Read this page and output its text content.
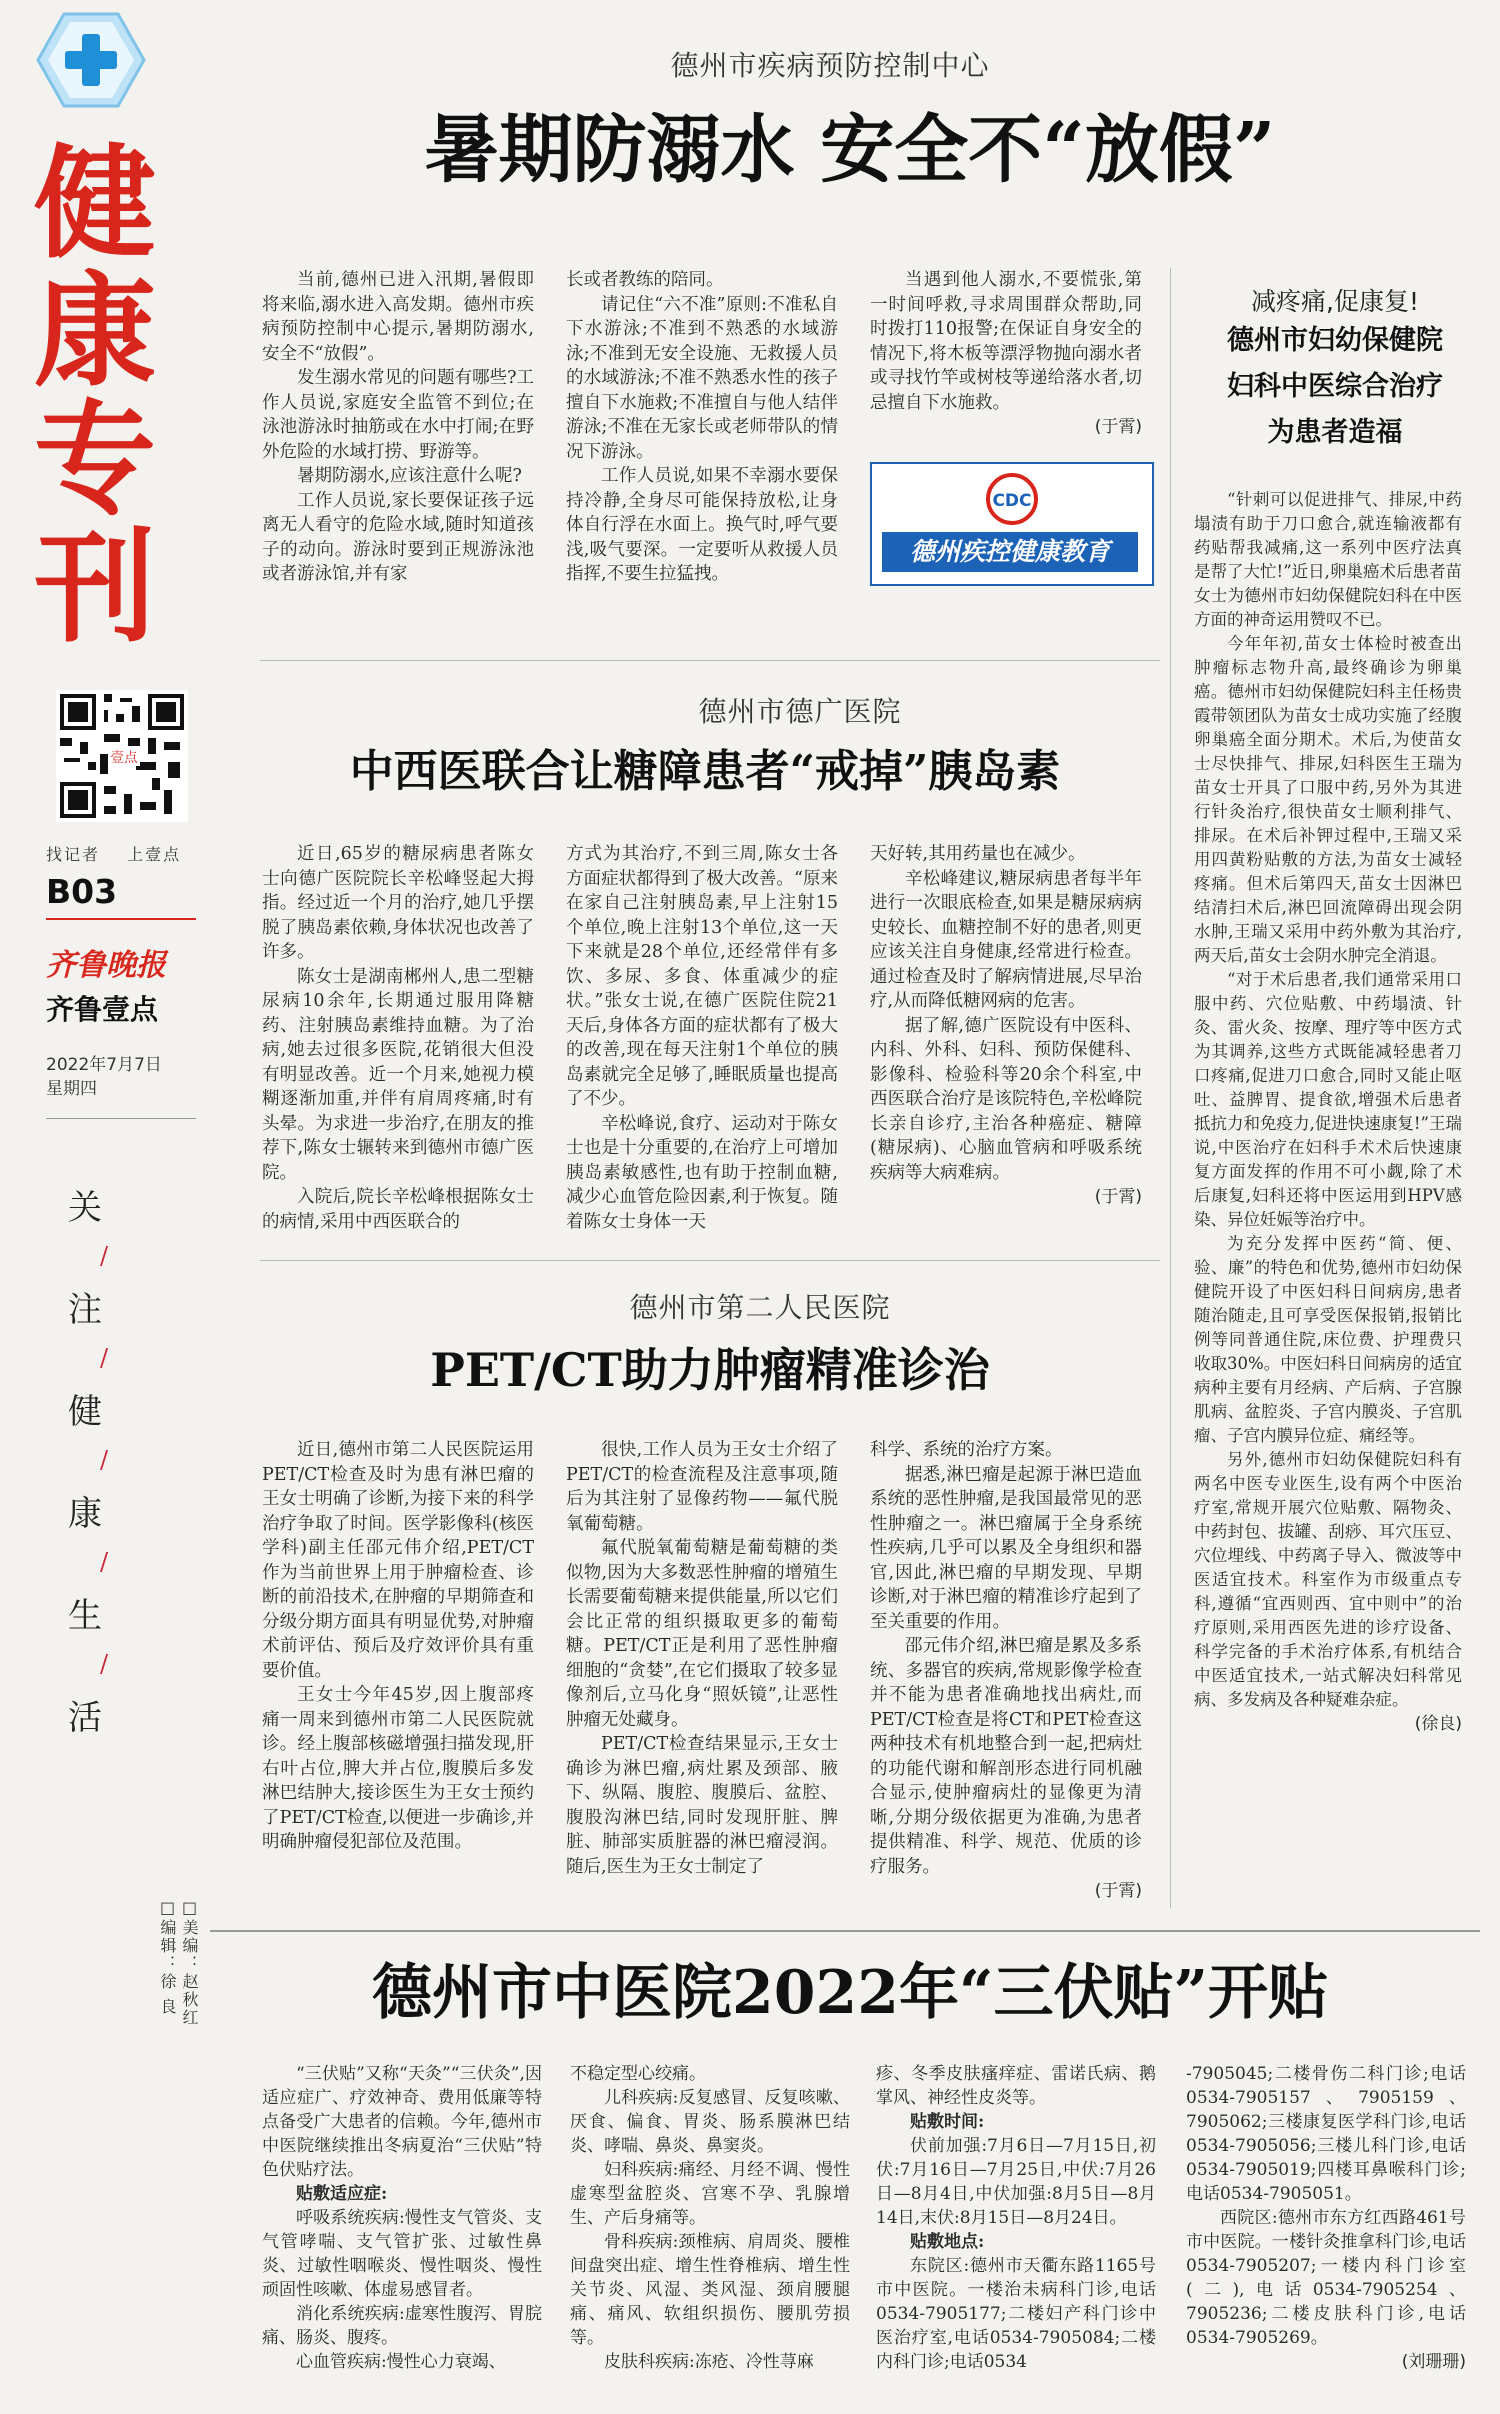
健
康
专
刊
壹点
找记者 上壹点
B03
齐鲁晚报
齐鲁壹点
2022年7月7日
星期四
关
/
注
/
健
/
康
/
生
/
活
□美编：赵秋红
□编辑：徐 良
德州市疾病预防控制中心
暑期防溺水 安全不“放假”

当前,德州已进入汛期,暑假即将来临,溺水进入高发期。德州市疾病预防控制中心提示,暑期防溺水,安全不“放假”。

发生溺水常见的问题有哪些?工作人员说,家庭安全监管不到位;在泳池游泳时抽筋或在水中打闹;在野外危险的水域打捞、野游等。

暑期防溺水,应该注意什么呢?

工作人员说,家长要保证孩子远离无人看守的危险水域,随时知道孩子的动向。游泳时要到正规游泳池或者游泳馆,并有家

长或者教练的陪同。

请记住“六不准”原则:不准私自下水游泳;不准到不熟悉的水域游泳;不准到无安全设施、无救援人员的水域游泳;不准不熟悉水性的孩子擅自下水施救;不准擅自与他人结伴游泳;不准在无家长或老师带队的情况下游泳。

工作人员说,如果不幸溺水要保持冷静,全身尽可能保持放松,让身体自行浮在水面上。换气时,呼气要浅,吸气要深。一定要听从救援人员指挥,不要生拉猛拽。

当遇到他人溺水,不要慌张,第一时间呼救,寻求周围群众帮助,同时拨打110报警;在保证自身安全的情况下,将木板等漂浮物抛向溺水者或寻找竹竿或树枝等递给落水者,切忌擅自下水施救。

(于霄)
CDC
德州疾控健康教育
德州市德广医院
中西医联合让糖障患者“戒掉”胰岛素

近日,65岁的糖尿病患者陈女士向德广医院院长辛松峰竖起大拇指。经过近一个月的治疗,她几乎摆脱了胰岛素依赖,身体状况也改善了许多。

陈女士是湖南郴州人,患二型糖尿病10余年,长期通过服用降糖药、注射胰岛素维持血糖。为了治病,她去过很多医院,花销很大但没有明显改善。近一个月来,她视力模糊逐渐加重,并伴有肩周疼痛,时有头晕。为求进一步治疗,在朋友的推荐下,陈女士辗转来到德州市德广医院。

入院后,院长辛松峰根据陈女士的病情,采用中西医联合的

方式为其治疗,不到三周,陈女士各方面症状都得到了极大改善。“原来在家自己注射胰岛素,早上注射15个单位,晚上注射13个单位,这一天下来就是28个单位,还经常伴有多饮、多尿、多食、体重减少的症状。”张女士说,在德广医院住院21天后,身体各方面的症状都有了极大的改善,现在每天注射1个单位的胰岛素就完全足够了,睡眠质量也提高了不少。

辛松峰说,食疗、运动对于陈女士也是十分重要的,在治疗上可增加胰岛素敏感性,也有助于控制血糖,减少心血管危险因素,利于恢复。随着陈女士身体一天

天好转,其用药量也在减少。

辛松峰建议,糖尿病患者每半年进行一次眼底检查,如果是糖尿病病史较长、血糖控制不好的患者,则更应该关注自身健康,经常进行检查。通过检查及时了解病情进展,尽早治疗,从而降低糖网病的危害。

据了解,德广医院设有中医科、内科、外科、妇科、预防保健科、影像科、检验科等20余个科室,中西医联合治疗是该院特色,辛松峰院长亲自诊疗,主治各种癌症、糖障(糖尿病)、心脑血管病和呼吸系统疾病等大病难病。

(于霄)
德州市第二人民医院
PET/CT助力肿瘤精准诊治

近日,德州市第二人民医院运用PET/CT检查及时为患有淋巴瘤的王女士明确了诊断,为接下来的科学治疗争取了时间。医学影像科(核医学科)副主任邵元伟介绍,PET/CT作为当前世界上用于肿瘤检查、诊断的前沿技术,在肿瘤的早期筛查和分级分期方面具有明显优势,对肿瘤术前评估、预后及疗效评价具有重要价值。

王女士今年45岁,因上腹部疼痛一周来到德州市第二人民医院就诊。经上腹部核磁增强扫描发现,肝右叶占位,脾大并占位,腹膜后多发淋巴结肿大,接诊医生为王女士预约了PET/CT检查,以便进一步确诊,并明确肿瘤侵犯部位及范围。

很快,工作人员为王女士介绍了PET/CT的检查流程及注意事项,随后为其注射了显像药物——氟代脱氧葡萄糖。

氟代脱氧葡萄糖是葡萄糖的类似物,因为大多数恶性肿瘤的增殖生长需要葡萄糖来提供能量,所以它们会比正常的组织摄取更多的葡萄糖。PET/CT正是利用了恶性肿瘤细胞的“贪婪”,在它们摄取了较多显像剂后,立马化身“照妖镜”,让恶性肿瘤无处藏身。

PET/CT检查结果显示,王女士确诊为淋巴瘤,病灶累及颈部、腋下、纵隔、腹腔、腹膜后、盆腔、腹股沟淋巴结,同时发现肝脏、脾脏、肺部实质脏器的淋巴瘤浸润。随后,医生为王女士制定了

科学、系统的治疗方案。

据悉,淋巴瘤是起源于淋巴造血系统的恶性肿瘤,是我国最常见的恶性肿瘤之一。淋巴瘤属于全身系统性疾病,几乎可以累及全身组织和器官,因此,淋巴瘤的早期发现、早期诊断,对于淋巴瘤的精准诊疗起到了至关重要的作用。

邵元伟介绍,淋巴瘤是累及多系统、多器官的疾病,常规影像学检查并不能为患者准确地找出病灶,而PET/CT检查是将CT和PET检查这两种技术有机地整合到一起,把病灶的功能代谢和解剖形态进行同机融合显示,使肿瘤病灶的显像更为清晰,分期分级依据更为准确,为患者提供精准、科学、规范、优质的诊疗服务。

(于霄)
减疼痛,促康复!
德州市妇幼保健院
妇科中医综合治疗
为患者造福

“针刺可以促进排气、排尿,中药塌渍有助于刀口愈合,就连输液都有药贴帮我减痛,这一系列中医疗法真是帮了大忙!”近日,卵巢癌术后患者苗女士为德州市妇幼保健院妇科在中医方面的神奇运用赞叹不已。

今年年初,苗女士体检时被查出肿瘤标志物升高,最终确诊为卵巢癌。德州市妇幼保健院妇科主任杨贵霞带领团队为苗女士成功实施了经腹卵巢癌全面分期术。术后,为使苗女士尽快排气、排尿,妇科医生王瑞为苗女士开具了口服中药,另外为其进行针灸治疗,很快苗女士顺利排气、排尿。在术后补钾过程中,王瑞又采用四黄粉贴敷的方法,为苗女士减轻疼痛。但术后第四天,苗女士因淋巴结清扫术后,淋巴回流障碍出现会阴水肿,王瑞又采用中药外敷为其治疗,两天后,苗女士会阴水肿完全消退。

“对于术后患者,我们通常采用口服中药、穴位贴敷、中药塌渍、针灸、雷火灸、按摩、理疗等中医方式为其调养,这些方式既能减轻患者刀口疼痛,促进刀口愈合,同时又能止呕吐、益脾胃、提食欲,增强术后患者抵抗力和免疫力,促进快速康复!”王瑞说,中医治疗在妇科手术术后快速康复方面发挥的作用不可小觑,除了术后康复,妇科还将中医运用到HPV感染、异位妊娠等治疗中。

为充分发挥中医药“简、便、验、廉”的特色和优势,德州市妇幼保健院开设了中医妇科日间病房,患者随治随走,且可享受医保报销,报销比例等同普通住院,床位费、护理费只收取30%。中医妇科日间病房的适宜病种主要有月经病、产后病、子宫腺肌病、盆腔炎、子宫内膜炎、子宫肌瘤、子宫内膜异位症、痛经等。

另外,德州市妇幼保健院妇科有两名中医专业医生,设有两个中医治疗室,常规开展穴位贴敷、隔物灸、中药封包、拔罐、刮痧、耳穴压豆、穴位埋线、中药离子导入、微波等中医适宜技术。科室作为市级重点专科,遵循“宜西则西、宜中则中”的治疗原则,采用西医先进的诊疗设备、科学完备的手术治疗体系,有机结合中医适宜技术,一站式解决妇科常见病、多发病及各种疑难杂症。

(徐良)
德州市中医院2022年“三伏贴”开贴

“三伏贴”又称“天灸”“三伏灸”,因适应症广、疗效神奇、费用低廉等特点备受广大患者的信赖。今年,德州市中医院继续推出冬病夏治“三伏贴”特色伏贴疗法。

贴敷适应症:

呼吸系统疾病:慢性支气管炎、支气管哮喘、支气管扩张、过敏性鼻炎、过敏性咽喉炎、慢性咽炎、慢性顽固性咳嗽、体虚易感冒者。

消化系统疾病:虚寒性腹泻、胃脘痛、肠炎、腹疼。

心血管疾病:慢性心力衰竭、

不稳定型心绞痛。

儿科疾病:反复感冒、反复咳嗽、厌食、偏食、胃炎、肠系膜淋巴结炎、哮喘、鼻炎、鼻窦炎。

妇科疾病:痛经、月经不调、慢性虚寒型盆腔炎、宫寒不孕、乳腺增生、产后身痛等。

骨科疾病:颈椎病、肩周炎、腰椎间盘突出症、增生性脊椎病、增生性关节炎、风湿、类风湿、颈肩腰腿痛、痛风、软组织损伤、腰肌劳损等。

皮肤科疾病:冻疮、冷性荨麻

疹、冬季皮肤瘙痒症、雷诺氏病、鹅掌风、神经性皮炎等。

贴敷时间:

伏前加强:7月6日—7月15日,初伏:7月16日—7月25日,中伏:7月26日—8月4日,中伏加强:8月5日—8月14日,末伏:8月15日—8月24日。

贴敷地点:

东院区:德州市天衢东路1165号市中医院。一楼治未病科门诊,电话0534-7905177;二楼妇产科门诊中医治疗室,电话0534-7905084;二楼内科门诊;电话0534

-7905045;二楼骨伤二科门诊;电话0534-7905157、7905159、7905062;三楼康复医学科门诊,电话0534-7905056;三楼儿科门诊,电话0534-7905019;四楼耳鼻喉科门诊;电话0534-7905051。

西院区:德州市东方红西路461号市中医院。一楼针灸推拿科门诊,电话0534-7905207;一楼内科门诊室(二),电话0534-7905254、7905236;二楼皮肤科门诊,电话0534-7905269。

(刘珊珊)
